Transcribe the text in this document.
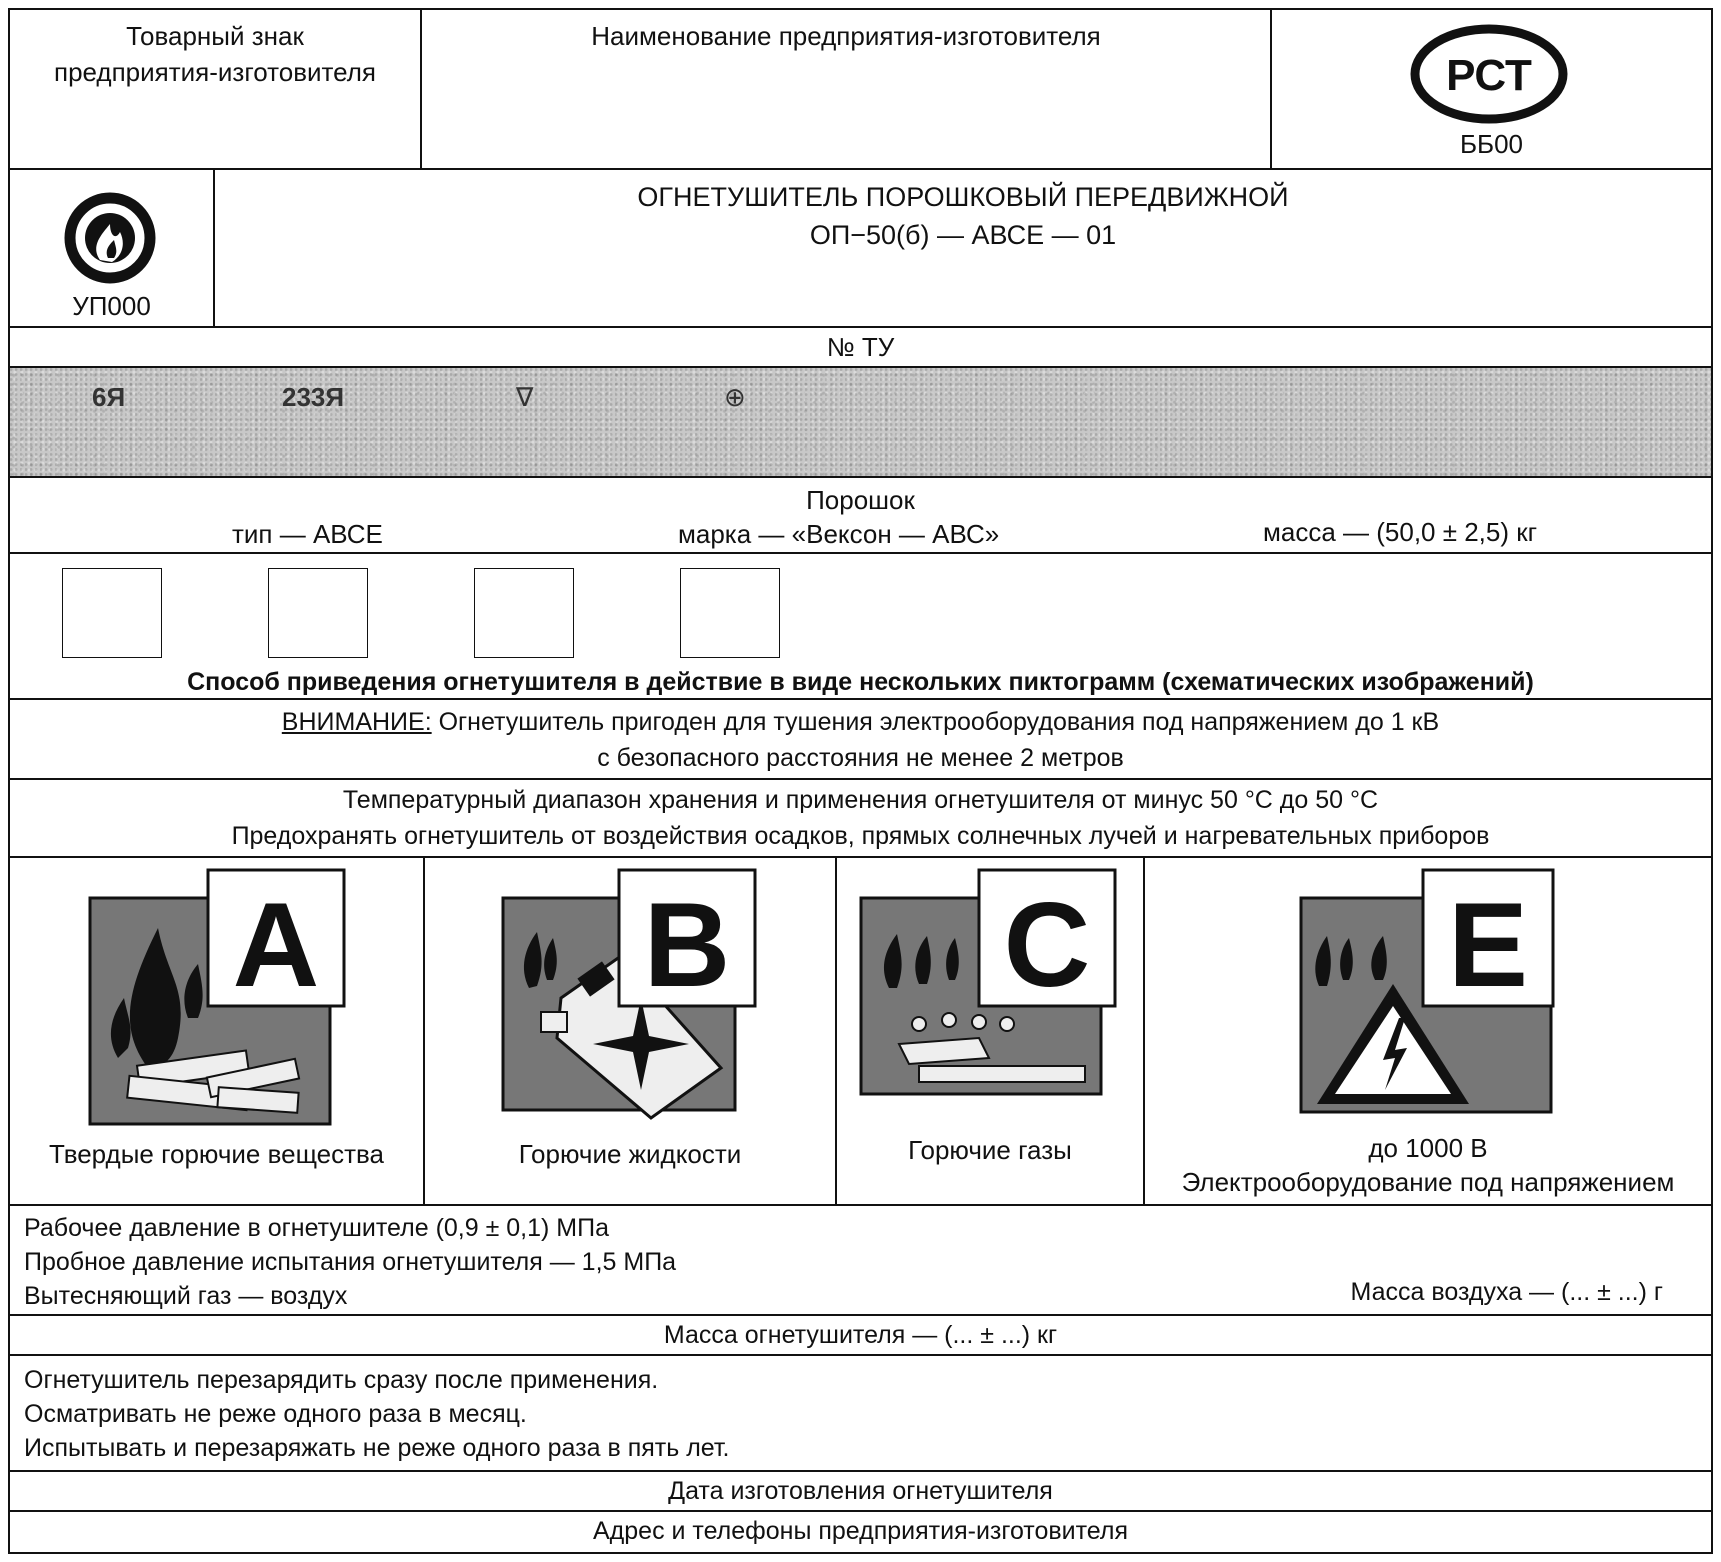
Товарный знак
предприятия-изготовителя
Наименование предприятия-изготовителя
РСТ
ББ00
УП000
ОГНЕТУШИТЕЛЬ ПОРОШКОВЫЙ ПЕРЕДВИЖНОЙ
ОП−50(б) — АВСЕ — 01
№ ТУ
6Я	233Я	∇	⊕
Порошок
тип — АВСЕ	марка — «Вексон — АВС»	масса — (50,0 ± 2,5) кг
Способ приведения огнетушителя в действие в виде нескольких пиктограмм (схематических изображений)
ВНИМАНИЕ: Огнетушитель пригоден для тушения электрооборудования под напряжением до 1 кВ
с безопасного расстояния не менее 2 метров
Температурный диапазон хранения и применения огнетушителя от минус 50 °C до 50 °C
Предохранять огнетушитель от воздействия осадков, прямых солнечных лучей и нагревательных приборов
A
Твердые горючие вещества
B
Горючие жидкости
C
Горючие газы
E
до 1000 В
Электрооборудование под напряжением
Рабочее давление в огнетушителе (0,9 ± 0,1) МПа
Пробное давление испытания огнетушителя — 1,5 МПа
Вытесняющий газ — воздух	Масса воздуха — (... ± ...) г
Масса огнетушителя — (... ± ...) кг
Огнетушитель перезарядить сразу после применения.
Осматривать не реже одного раза в месяц.
Испытывать и перезаряжать не реже одного раза в пять лет.
Дата изготовления огнетушителя
Адрес и телефоны предприятия-изготовителя
